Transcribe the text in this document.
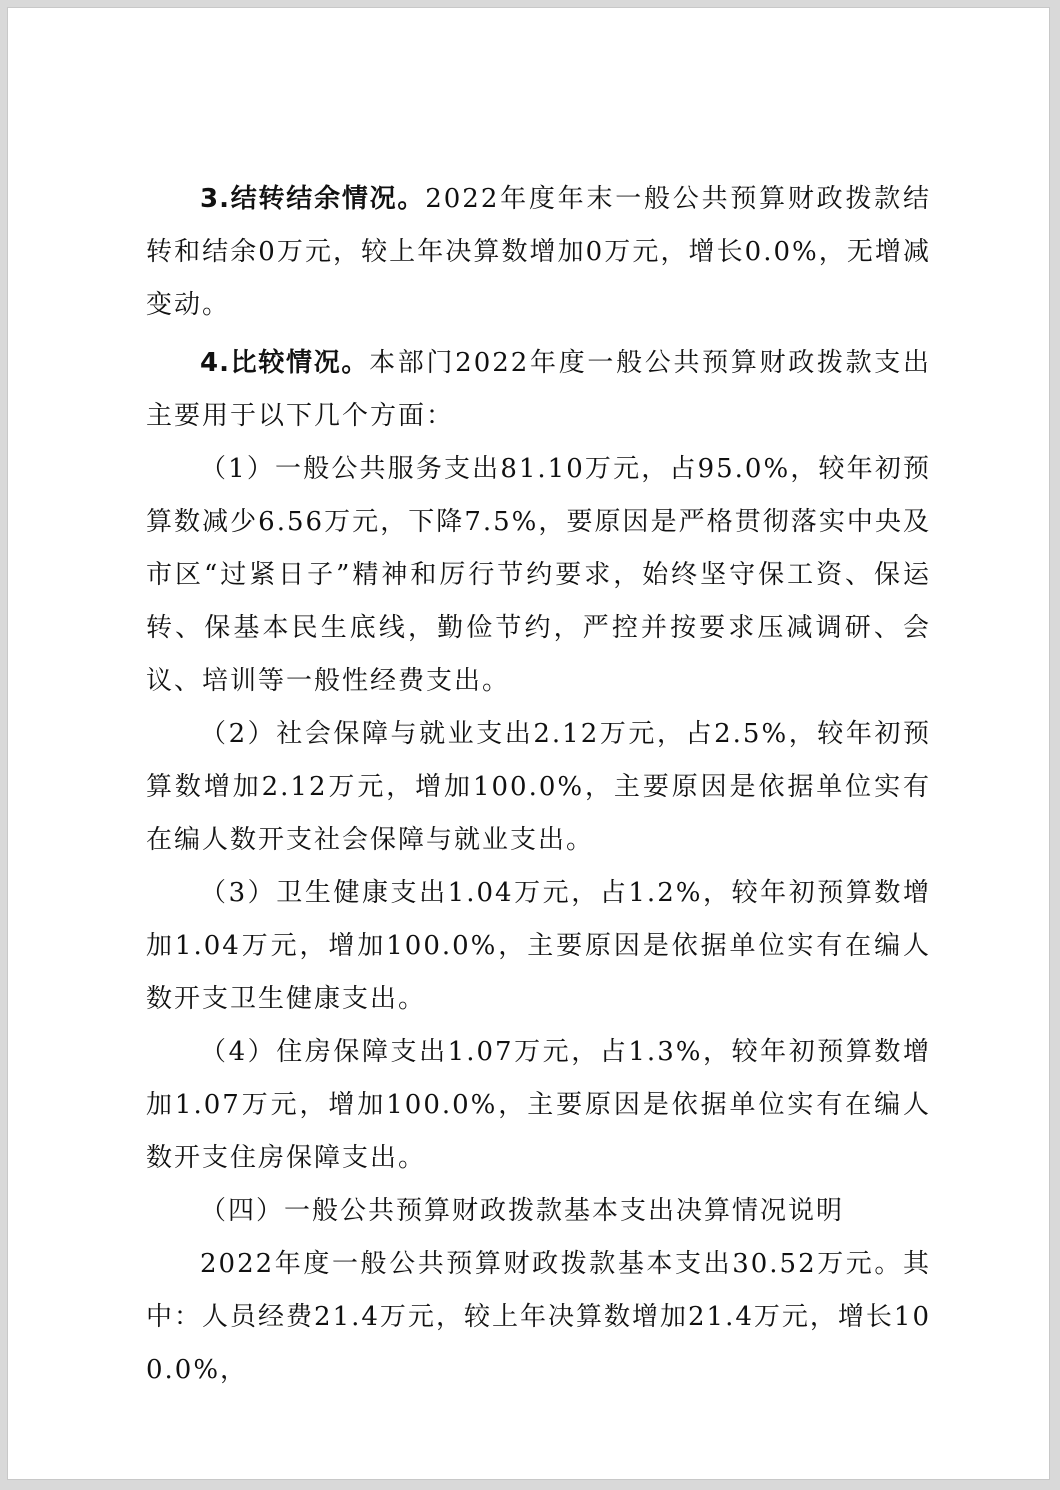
3.结转结余情况。2022年度年末一般公共预算财政拨款结转和结余0万元，较上年决算数增加0万元，增长0.0%，无增减变动。

4.比较情况。本部门2022年度一般公共预算财政拨款支出主要用于以下几个方面：

（1）一般公共服务支出81.10万元，占95.0%，较年初预算数减少6.56万元，下降7.5%，要原因是严格贯彻落实中央及市区“过紧日子”精神和厉行节约要求，始终坚守保工资、保运转、保基本民生底线，勤俭节约，严控并按要求压减调研、会议、培训等一般性经费支出。

（2）社会保障与就业支出2.12万元，占2.5%，较年初预算数增加2.12万元，增加100.0%，主要原因是依据单位实有在编人数开支社会保障与就业支出。

（3）卫生健康支出1.04万元，占1.2%，较年初预算数增加1.04万元，增加100.0%，主要原因是依据单位实有在编人数开支卫生健康支出。

（4）住房保障支出1.07万元，占1.3%，较年初预算数增加1.07万元，增加100.0%，主要原因是依据单位实有在编人数开支住房保障支出。

（四）一般公共预算财政拨款基本支出决算情况说明

2022年度一般公共预算财政拨款基本支出30.52万元。其中：人员经费21.4万元，较上年决算数增加21.4万元，增长100.0%，
